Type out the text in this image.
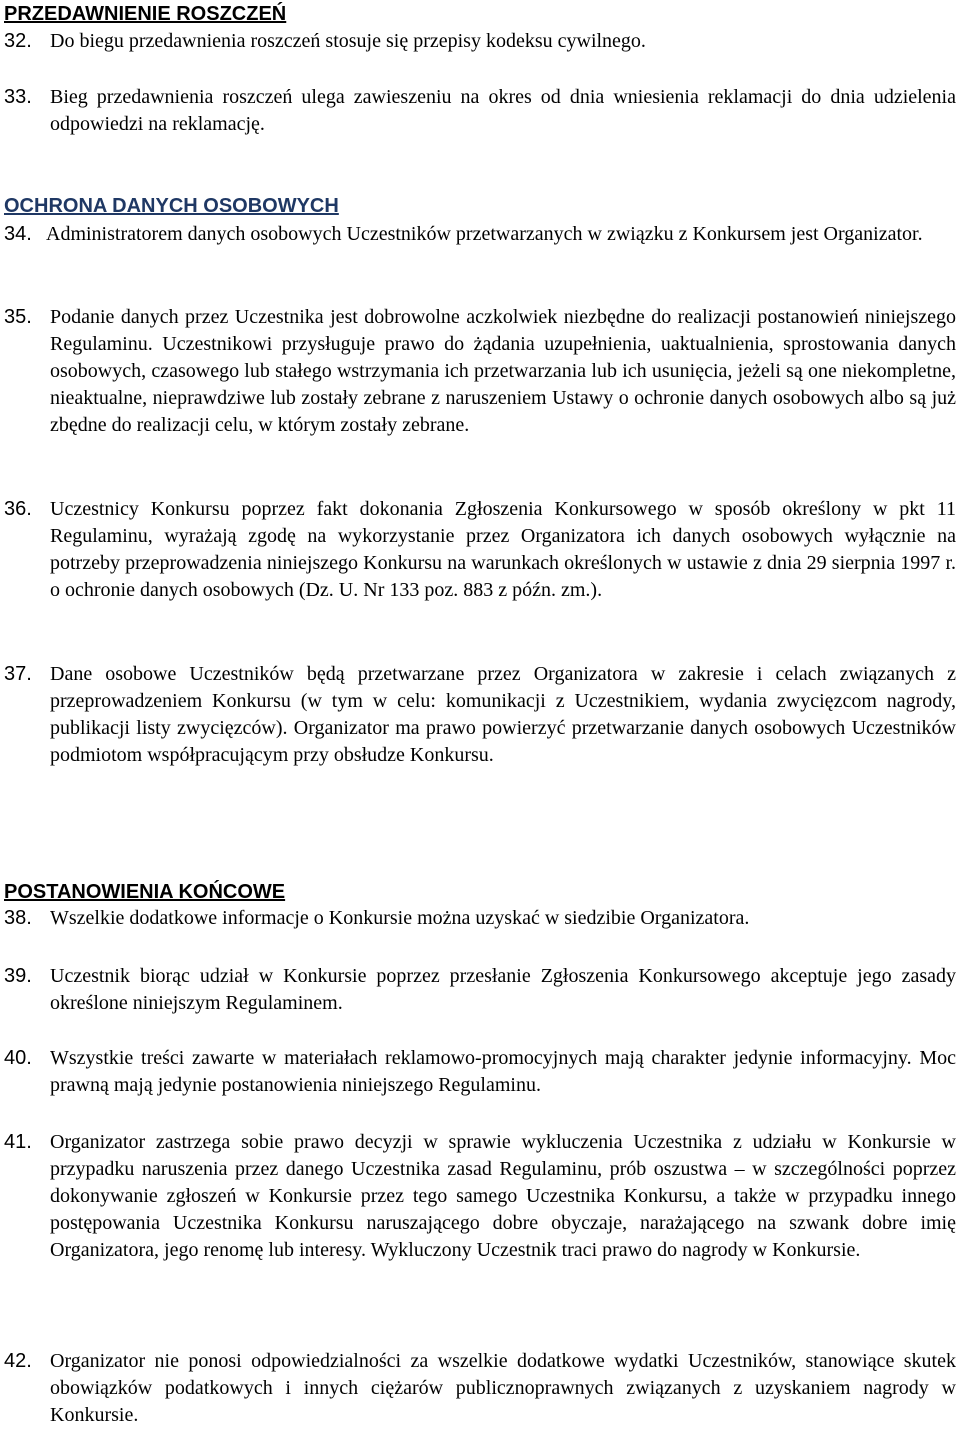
PRZEDAWNIENIE ROSZCZEŃ
32. Do biegu przedawnienia roszczeń stosuje się przepisy kodeksu cywilnego.
33. Bieg przedawnienia roszczeń ulega zawieszeniu na okres od dnia wniesienia reklamacji do dnia udzielenia odpowiedzi na reklamację.
OCHRONA DANYCH OSOBOWYCH
34. Administratorem danych osobowych Uczestników przetwarzanych w związku z Konkursem jest Organizator.
35. Podanie danych przez Uczestnika jest dobrowolne aczkolwiek niezbędne do realizacji postanowień niniejszego Regulaminu. Uczestnikowi przysługuje prawo do żądania uzupełnienia, uaktualnienia, sprostowania danych osobowych, czasowego lub stałego wstrzymania ich przetwarzania lub ich usunięcia, jeżeli są one niekompletne, nieaktualne, nieprawdziwe lub zostały zebrane z naruszeniem Ustawy o ochronie danych osobowych albo są już zbędne do realizacji celu, w którym zostały zebrane.
36. Uczestnicy Konkursu poprzez fakt dokonania Zgłoszenia Konkursowego w sposób określony w pkt 11 Regulaminu, wyrażają zgodę na wykorzystanie przez Organizatora ich danych osobowych wyłącznie na potrzeby przeprowadzenia niniejszego Konkursu na warunkach określonych w ustawie z dnia 29 sierpnia 1997 r. o ochronie danych osobowych (Dz. U. Nr 133 poz. 883 z późn. zm.).
37. Dane osobowe Uczestników będą przetwarzane przez Organizatora w zakresie i celach związanych z przeprowadzeniem Konkursu (w tym w celu: komunikacji z Uczestnikiem, wydania zwycięzcom nagrody, publikacji listy zwycięzców). Organizator ma prawo powierzyć przetwarzanie danych osobowych Uczestników podmiotom współpracującym przy obsłudze Konkursu.
POSTANOWIENIA KOŃCOWE
38. Wszelkie dodatkowe informacje o Konkursie można uzyskać w siedzibie Organizatora.
39. Uczestnik biorąc udział w Konkursie poprzez przesłanie Zgłoszenia Konkursowego akceptuje jego zasady określone niniejszym Regulaminem.
40. Wszystkie treści zawarte w materiałach reklamowo-promocyjnych mają charakter jedynie informacyjny. Moc prawną mają jedynie postanowienia niniejszego Regulaminu.
41. Organizator zastrzega sobie prawo decyzji w sprawie wykluczenia Uczestnika z udziału w Konkursie w przypadku naruszenia przez danego Uczestnika zasad Regulaminu, prób oszustwa – w szczególności poprzez dokonywanie zgłoszeń w Konkursie przez tego samego Uczestnika Konkursu, a także w przypadku innego postępowania Uczestnika Konkursu naruszającego dobre obyczaje, narażającego na szwank dobre imię Organizatora, jego renomę lub interesy. Wykluczony Uczestnik traci prawo do nagrody w Konkursie.
42. Organizator nie ponosi odpowiedzialności za wszelkie dodatkowe wydatki Uczestników, stanowiące skutek obowiązków podatkowych i innych ciężarów publicznoprawnych związanych z uzyskaniem nagrody w Konkursie.
